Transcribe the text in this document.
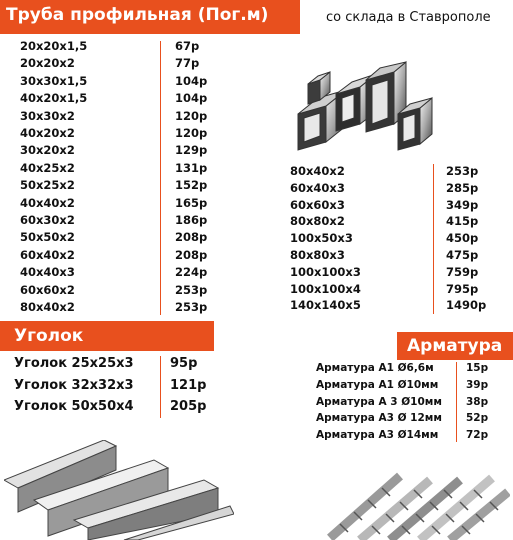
Труба профильная (Пог.м)	со склада в Ставрополе
20х20х1,5	67р
20х20х2	77р
30х30х1,5	104р
40х20х1,5	104р
30х30х2	120р
40х20х2	120р
30х20х2	129р
40х25х2	131р
50х25х2	152р
40х40х2	165р
60х30х2	186р
50х50х2	208р
60х40х2	208р
40х40х3	224р
60х60х2	253р
80х40х2	253р
80х40х2	253р
60х40х3	285р
60х60х3	349р
80х80х2	415р
100х50х3	450р
80х80х3	475р
100х100х3	759р
100х100х4	795р
140х140х5	1490р
Уголок
Уголок 25х25х3	95р
Уголок 32х32х3	121р
Уголок 50х50х4	205р
Арматура
Арматура А1 Ø6,6м	15р
Арматура А1 Ø10мм	39р
Арматура А 3 Ø10мм 38р
Арматура А3 Ø 12мм 52р
Арматура А3 Ø14мм	72р
